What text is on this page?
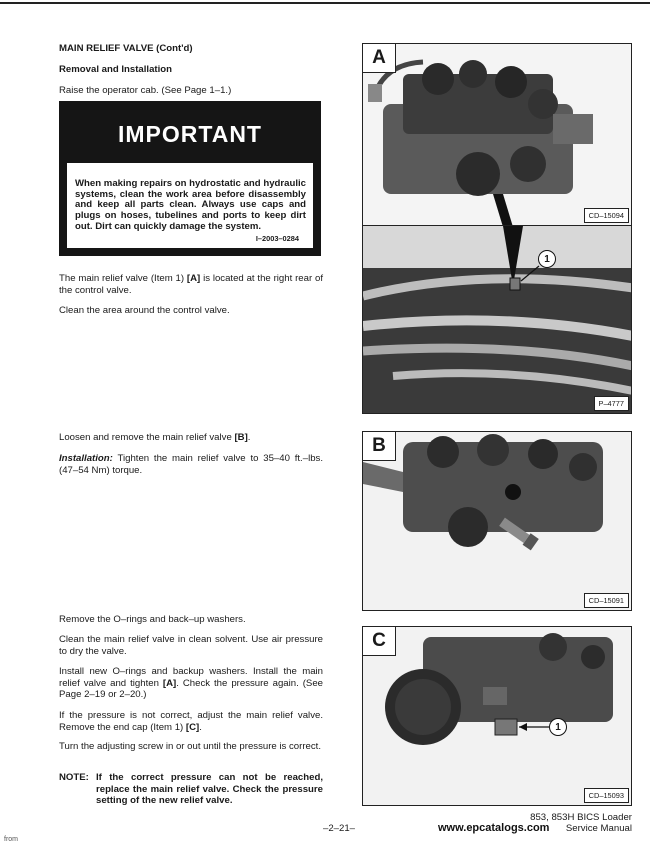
MAIN RELIEF VALVE (Cont'd)
Removal and Installation
Raise the operator cab. (See Page 1–1.)
IMPORTANT
When making repairs on hydrostatic and hydraulic systems, clean the work area before disassembly and keep all parts clean. Always use caps and plugs on hoses, tubelines and ports to keep dirt out. Dirt can quickly damage the system.
I–2003–0284
The main relief valve (Item 1) [A] is located at the right rear of the control valve.
Clean the area around the control valve.
Loosen and remove the main relief valve [B].
Installation: Tighten the main relief valve to 35–40 ft.–lbs. (47–54 Nm) torque.
Remove the O–rings and back–up washers.
Clean the main relief valve in clean solvent. Use air pressure to dry the valve.
Install new O–rings and backup washers. Install the main relief valve and tighten [A]. Check the pressure again. (See Page 2–19 or 2–20.)
If the pressure is not correct, adjust the main relief valve. Remove the end cap (Item 1) [C].
Turn the adjusting screw in or out until the pressure is correct.
NOTE: If the correct pressure can not be reached, replace the main relief valve. Check the pressure setting of the new relief valve.
A
CD–15094
1
P–4777
B
CD–15091
C
1
CD–15093
–2–21–
853, 853H BICS Loader
Service Manual
www.epcatalogs.com
from
